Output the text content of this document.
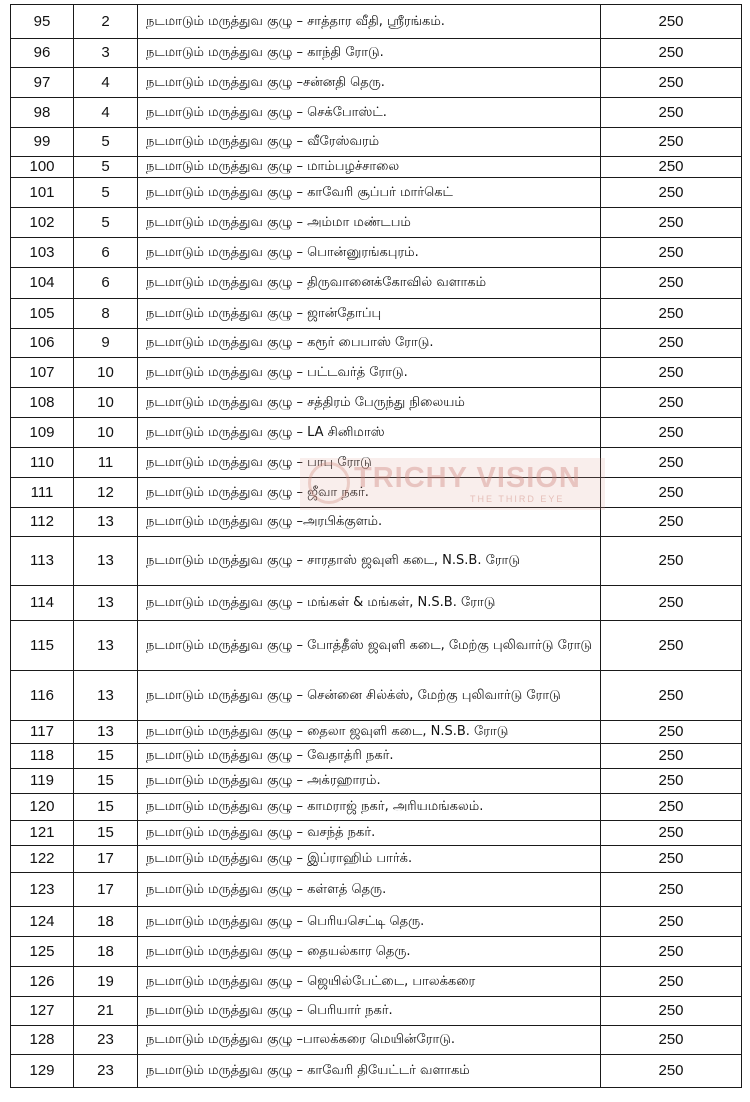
95	2	நடமாடும் மருத்துவ குழு – சாத்தார வீதி, ஸ்ரீரங்கம்.	250
96	3	நடமாடும் மருத்துவ குழு – காந்தி ரோடு.	250
97	4	நடமாடும் மருத்துவ குழு –சன்னதி தெரு.	250
98	4	நடமாடும் மருத்துவ குழு – செக்போஸ்ட்.	250
99	5	நடமாடும் மருத்துவ குழு – வீரேஸ்வரம்	250
100	5	நடமாடும் மருத்துவ குழு – மாம்பழச்சாலை	250
101	5	நடமாடும் மருத்துவ குழு – காவேரி சூப்பர் மார்கெட்	250
102	5	நடமாடும் மருத்துவ குழு – அம்மா மண்டபம்	250
103	6	நடமாடும் மருத்துவ குழு – பொன்னுரங்கபுரம்.	250
104	6	நடமாடும் மருத்துவ குழு – திருவானைக்கோவில் வளாகம்	250
105	8	நடமாடும் மருத்துவ குழு – ஜான்தோப்பு	250
106	9	நடமாடும் மருத்துவ குழு – கரூர் பைபாஸ் ரோடு.	250
107	10	நடமாடும் மருத்துவ குழு – பட்டவர்த் ரோடு.	250
108	10	நடமாடும் மருத்துவ குழு – சத்திரம் பேருந்து நிலையம்	250
109	10	நடமாடும் மருத்துவ குழு – LA சினிமாஸ்	250
110	11	நடமாடும் மருத்துவ குழு – பாபு ரோடு	250
111	12	நடமாடும் மருத்துவ குழு – ஜீவா நகர்.	250
112	13	நடமாடும் மருத்துவ குழு –அரபிக்குளம்.	250
113	13	நடமாடும் மருத்துவ குழு – சாரதாஸ் ஜவுளி கடை, N.S.B. ரோடு	250
114	13	நடமாடும் மருத்துவ குழு – மங்கள் & மங்கள், N.S.B. ரோடு	250
115	13	நடமாடும் மருத்துவ குழு – போத்தீஸ் ஜவுளி கடை, மேற்கு புலிவார்டு ரோடு	250
116	13	நடமாடும் மருத்துவ குழு – சென்னை சில்க்ஸ், மேற்கு புலிவார்டு ரோடு	250
117	13	நடமாடும் மருத்துவ குழு – தைலா ஜவுளி கடை, N.S.B. ரோடு	250
118	15	நடமாடும் மருத்துவ குழு – வேதாத்ரி நகர்.	250
119	15	நடமாடும் மருத்துவ குழு – அக்ரஹாரம்.	250
120	15	நடமாடும் மருத்துவ குழு – காமராஜ் நகர், அரியமங்கலம்.	250
121	15	நடமாடும் மருத்துவ குழு – வசந்த் நகர்.	250
122	17	நடமாடும் மருத்துவ குழு – இப்ராஹிம் பார்க்.	250
123	17	நடமாடும் மருத்துவ குழு – கள்ளத் தெரு.	250
124	18	நடமாடும் மருத்துவ குழு – பெரியசெட்டி தெரு.	250
125	18	நடமாடும் மருத்துவ குழு – தையல்கார தெரு.	250
126	19	நடமாடும் மருத்துவ குழு – ஜெயில்பேட்டை, பாலக்கரை	250
127	21	நடமாடும் மருத்துவ குழு – பெரியார் நகர்.	250
128	23	நடமாடும் மருத்துவ குழு –பாலக்கரை மெயின்ரோடு.	250
129	23	நடமாடும் மருத்துவ குழு – காவேரி தியேட்டர் வளாகம்	250
TRICHY VISION
THE THIRD EYE
